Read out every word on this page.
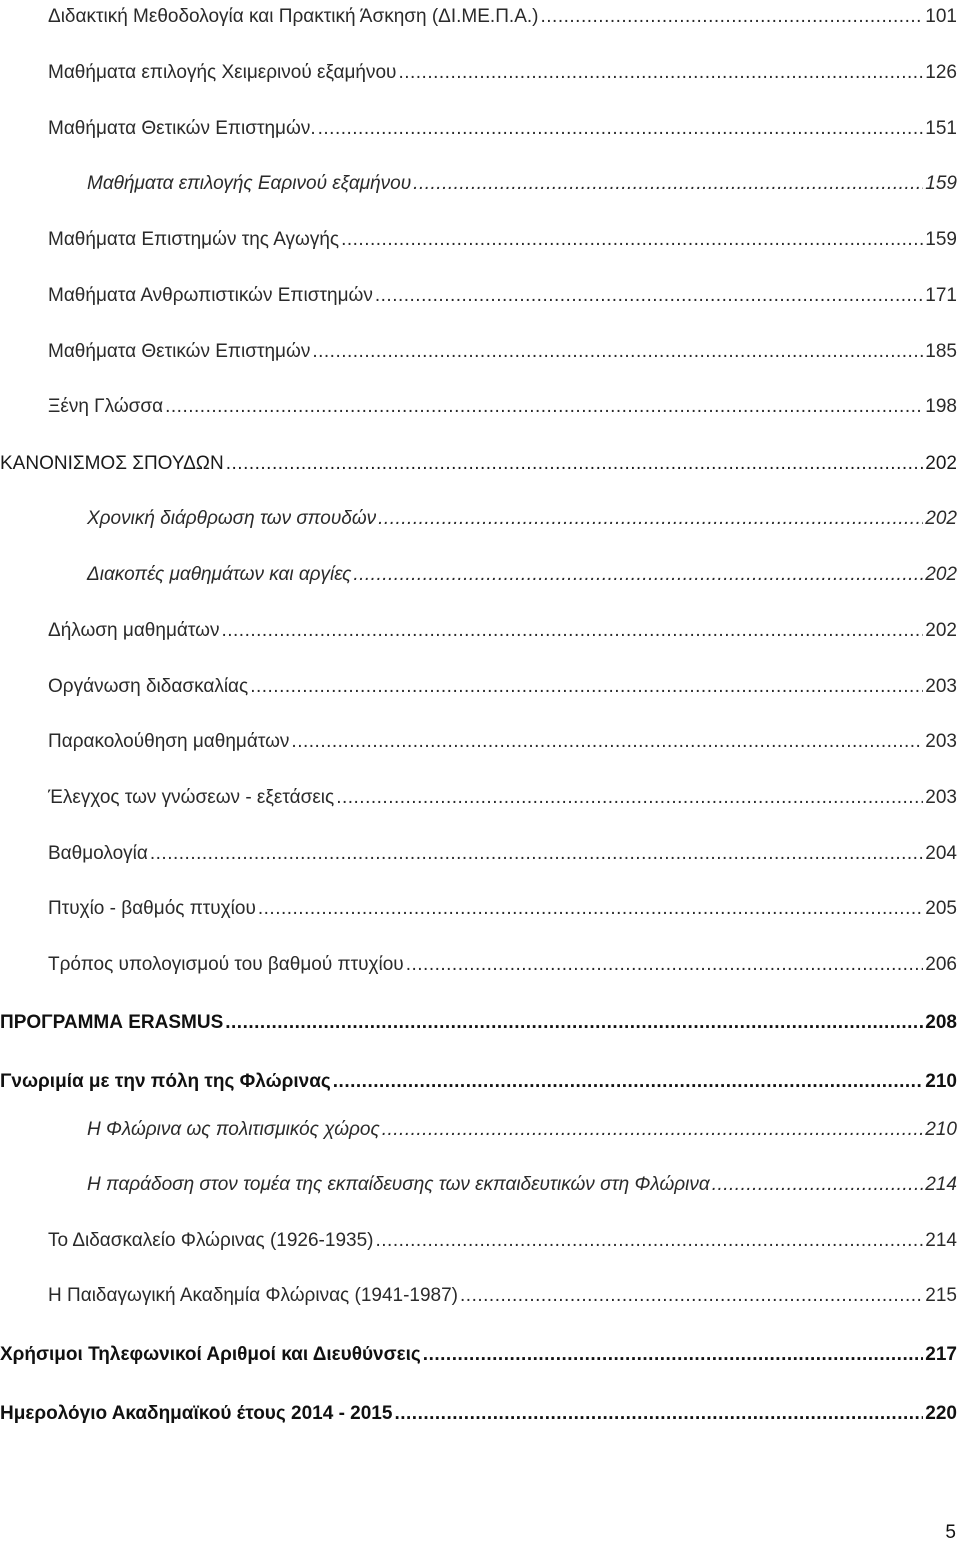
Διδακτική Μεθοδολογία και Πρακτική Άσκηση (ΔΙ.ΜΕ.Π.Α.) .....	101
Μαθήματα επιλογής Χειμερινού εξαμήνου .....	126
Μαθήματα Θετικών Επιστημών. .....	151
Μαθήματα επιλογής Εαρινού εξαμήνου .....	159
Μαθήματα Επιστημών της Αγωγής .....	159
Μαθήματα Ανθρωπιστικών Επιστημών .....	171
Μαθήματα Θετικών Επιστημών .....	185
Ξένη Γλώσσα .....	198
ΚΑΝΟΝΙΣΜΟΣ ΣΠΟΥΔΩΝ .....	202
Χρονική διάρθρωση των σπουδών .....	202
Διακοπές μαθημάτων και αργίες .....	202
Δήλωση μαθημάτων .....	202
Οργάνωση διδασκαλίας .....	203
Παρακολούθηση μαθημάτων .....	203
Έλεγχος των γνώσεων - εξετάσεις .....	203
Βαθμολογία .....	204
Πτυχίο - βαθμός πτυχίου .....	205
Τρόπος υπολογισμού του βαθμού πτυχίου .....	206
ΠΡΟΓΡΑΜΜΑ ERASMUS .....	208
Γνωριμία με την πόλη της Φλώρινας .....	210
Η Φλώρινα ως πολιτισμικός χώρος .....	210
Η παράδοση στον τομέα της εκπαίδευσης των εκπαιδευτικών στη Φλώρινα .....	214
Το Διδασκαλείο Φλώρινας (1926-1935) .....	214
Η Παιδαγωγική Ακαδημία Φλώρινας (1941-1987) .....	215
Χρήσιμοι Τηλεφωνικοί Αριθμοί και Διευθύνσεις .....	217
Ημερολόγιο Ακαδημαϊκού έτους 2014 - 2015 .....	220
5
